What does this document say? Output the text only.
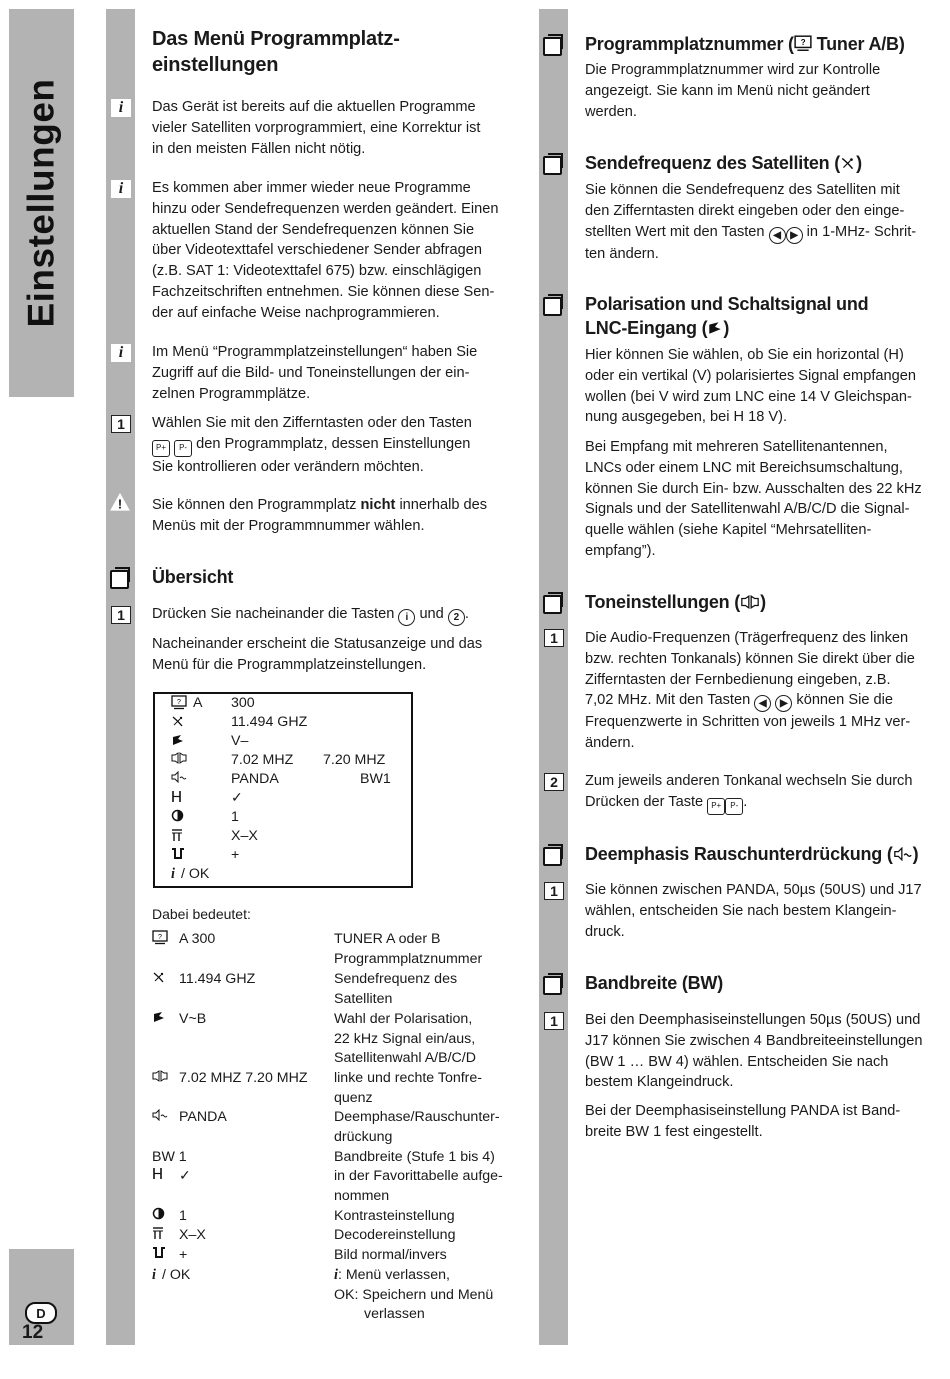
Einstellungen
D
12
i
i
i
1
!
1
1
2
1
1
Das Menü Programmplatz-
einstellungen
Das Gerät ist bereits auf die aktuellen Programme
vieler Satelliten vorprogrammiert, eine Korrektur ist
in den meisten Fällen nicht nötig.
Es kommen aber immer wieder neue Programme
hinzu oder Sendefrequenzen werden geändert. Einen
aktuellen Stand der Sendefrequenzen können Sie
über Videotexttafel verschiedener Sender abfragen
(z.B. SAT 1: Videotexttafel 675) bzw. einschlägigen
Fachzeitschriften entnehmen. Sie können diese Sen-
der auf einfache Weise nachprogrammieren.
Im Menü “Programmplatzeinstellungen“ haben Sie
Zugriff auf die Bild- und Toneinstellungen der ein-
zelnen Programmplätze.
Wählen Sie mit den Zifferntasten oder den Tasten
P+ P- den Programmplatz, dessen Einstellungen
Sie kontrollieren oder verändern möchten.
Sie können den Programmplatz nicht innerhalb des
Menüs mit der Programmnummer wählen.
Übersicht
Drücken Sie nacheinander die Tasten i und 2 .
Nacheinander erscheint die Statusanzeige und das
Menü für die Programmplatzeinstellungen.
? A 300
11.494 GHZ
V–
7.02 MHZ 7.20 MHZ
PANDA	BW1
✓
1
X–X
+
i / OK
Dabei bedeutet:
? A 300	TUNER A oder B
Programmplatznummer
11.494 GHZ	Sendefrequenz des
Satelliten
V~B	Wahl der Polarisation,
22 kHz Signal ein/aus,
Satellitenwahl A/B/C/D
7.02 MHZ 7.20 MHZ linke und rechte Tonfre-
quenz
PANDA	Deemphase/Rauschunter-
drückung
BW 1	Bandbreite (Stufe 1 bis 4)
✓	in der Favorittabelle aufge-
nommen
1	Kontrasteinstellung
X–X	Decodereinstellung
+	Bild normal/invers
i / OK	i: Menü verlassen,
OK: Speichern und Menü
verlassen
Programmplatznummer ( ? Tuner A/B)
Die Programmplatznummer wird zur Kontrolle
angezeigt. Sie kann im Menü nicht geändert
werden.
Sendefrequenz des Satelliten ( )
Sie können die Sendefrequenz des Satelliten mit
den Zifferntasten direkt eingeben oder den einge-
stellten Wert mit den Tasten ◀ ▶ in 1-MHz- Schrit-
ten ändern.
Polarisation und Schaltsignal und
LNC-Eingang ( )
Hier können Sie wählen, ob Sie ein horizontal (H)
oder ein vertikal (V) polarisiertes Signal empfangen
wollen (bei V wird zum LNC eine 14 V Gleichspan-
nung ausgegeben, bei H 18 V).
Bei Empfang mit mehreren Satellitenantennen,
LNCs oder einem LNC mit Bereichsumschaltung,
können Sie durch Ein- bzw. Ausschalten des 22 kHz
Signals und der Satellitenwahl A/B/C/D die Signal-
quelle wählen (siehe Kapitel “Mehrsatelliten-
empfang”).
Toneinstellungen ( )
Die Audio-Frequenzen (Trägerfrequenz des linken
bzw. rechten Tonkanals) können Sie direkt über die
Zifferntasten der Fernbedienung eingeben, z.B.
7,02 MHz. Mit den Tasten ◀ ▶ können Sie die
Frequenzwerte in Schritten von jeweils 1 MHz ver-
ändern.
Zum jeweils anderen Tonkanal wechseln Sie durch
Drücken der Taste P+ P- .
Deemphasis Rauschunterdrückung ( )
Sie können zwischen PANDA, 50µs (50US) und J17
wählen, entscheiden Sie nach bestem Klangein-
druck.
Bandbreite (BW)
Bei den Deemphasiseinstellungen 50µs (50US) und
J17 können Sie zwischen 4 Bandbreiteeinstellungen
(BW 1 … BW 4) wählen. Entscheiden Sie nach
bestem Klangeindruck.
Bei der Deemphasiseinstellung PANDA ist Band-
breite BW 1 fest eingestellt.
